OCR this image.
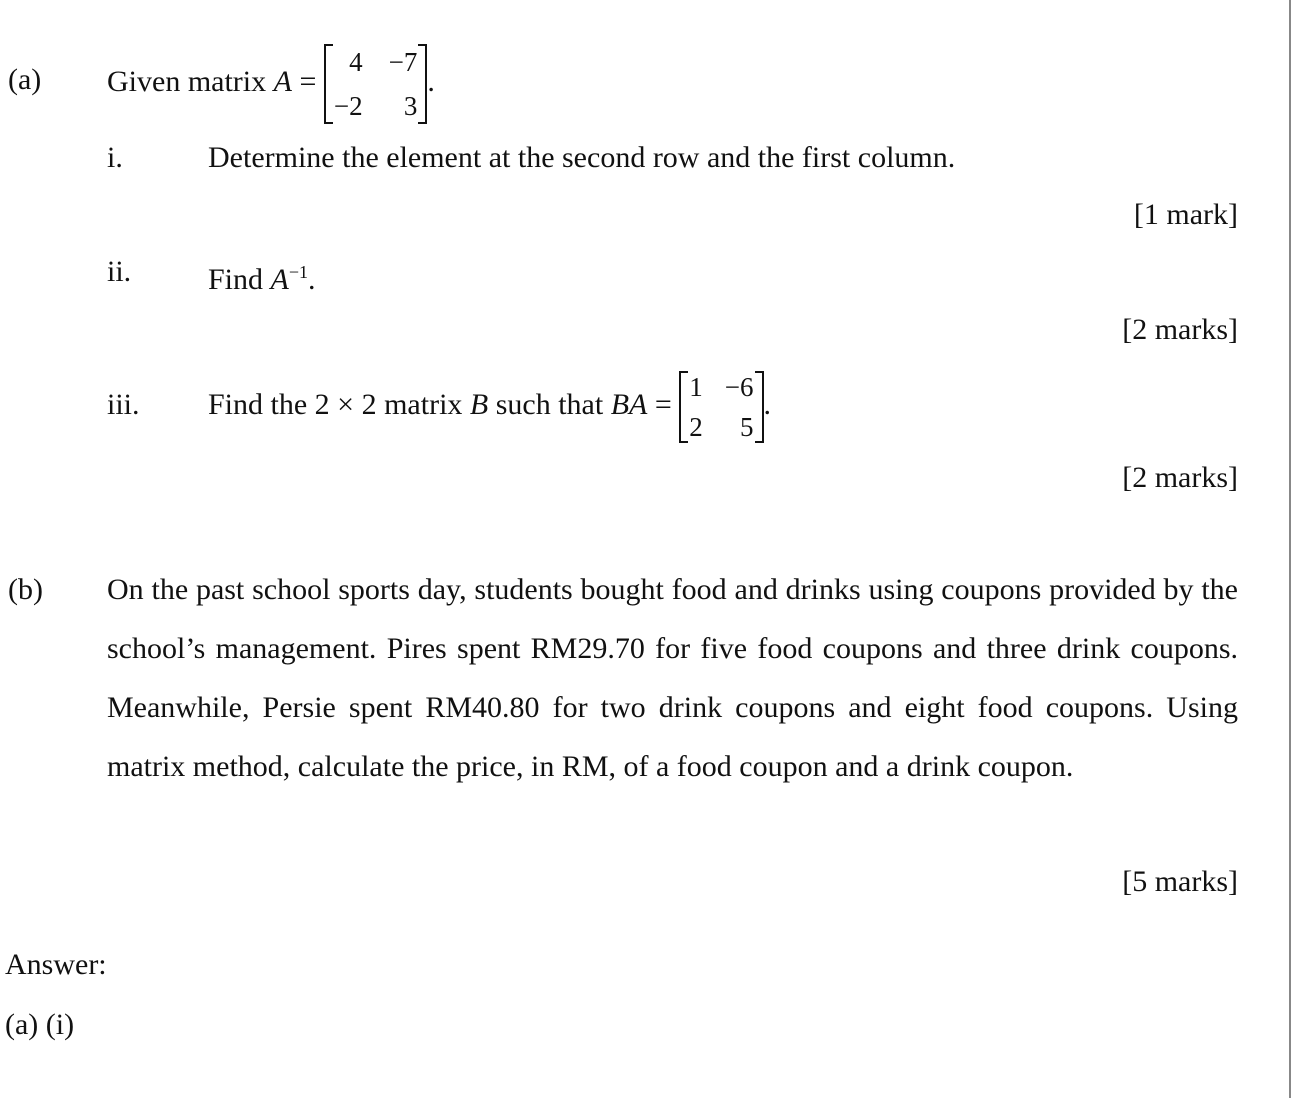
(a) Given matrix A =
4 −7
−2	3
.
i.	Determine the element at the second row and the first column.
[1 mark]
ii.	Find $A^{-1}$.
[2 marks]
iii. Find the 2 × 2 matrix B such that BA =
1 −6
2	5
.
[2 marks]
(b) On the past school sports day, students bought food and drinks using coupons provided by the school’s management. Pires spent RM29.70 for five food coupons and three drink coupons. Meanwhile, Persie spent RM40.80 for two drink coupons and eight food coupons. Using matrix method, calculate the price, in RM, of a food coupon and a drink coupon.
[5 marks]
Answer:
(a) (i)
